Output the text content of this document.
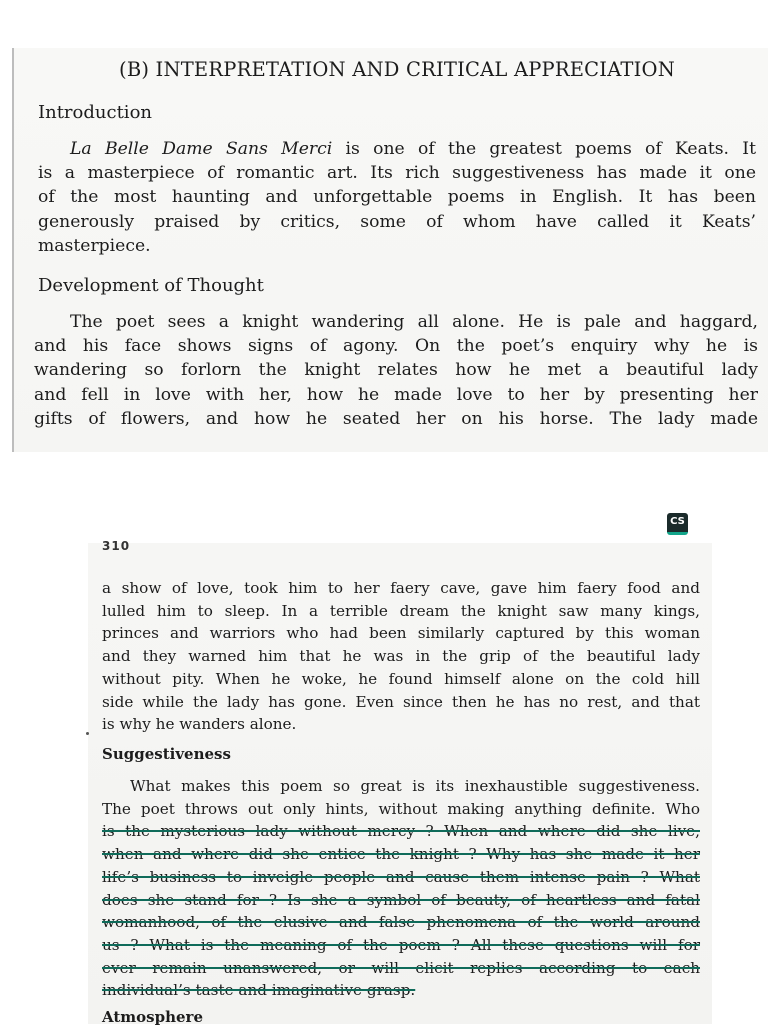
(B) INTERPRETATION AND CRITICAL APPRECIATION

Introduction

La Belle Dame Sans Merci is one of the greatest poems of Keats. It
is a masterpiece of romantic art. Its rich suggestiveness has made it one
of the most haunting and unforgettable poems in English. It has been
generously praised by critics, some of whom have called it Keats’
masterpiece.

Development of Thought

The poet sees a knight wandering all alone. He is pale and haggard,
and his face shows signs of agony. On the poet’s enquiry why he is
wandering so forlorn the knight relates how he met a beautiful lady
and fell in love with her, how he made love to her by presenting her
gifts of flowers, and how he seated her on his horse. The lady made

CS
310

a show of love, took him to her faery cave, gave him faery food and
lulled him to sleep. In a terrible dream the knight saw many kings,
princes and warriors who had been similarly captured by this woman
and they warned him that he was in the grip of the beautiful lady
without pity. When he woke, he found himself alone on the cold hill
side while the lady has gone. Even since then he has no rest, and that
is why he wanders alone.

Suggestiveness

What makes this poem so great is its inexhaustible suggestiveness.
The poet throws out only hints, without making anything definite. Who
is the mysterious lady without mercy ? When and where did she live,
when and where did she entice the knight ? Why has she made it her
life’s business to inveigle people and cause them intense pain ? What
does she stand for ? Is she a symbol of beauty, of heartless and fatal
womanhood, of the elusive and false phenomena of the world around
us ? What is the meaning of the poem ? All these questions will for
ever remain unanswered, or will elicit replies according to each
individual’s taste and imaginative grasp.

Atmosphere
